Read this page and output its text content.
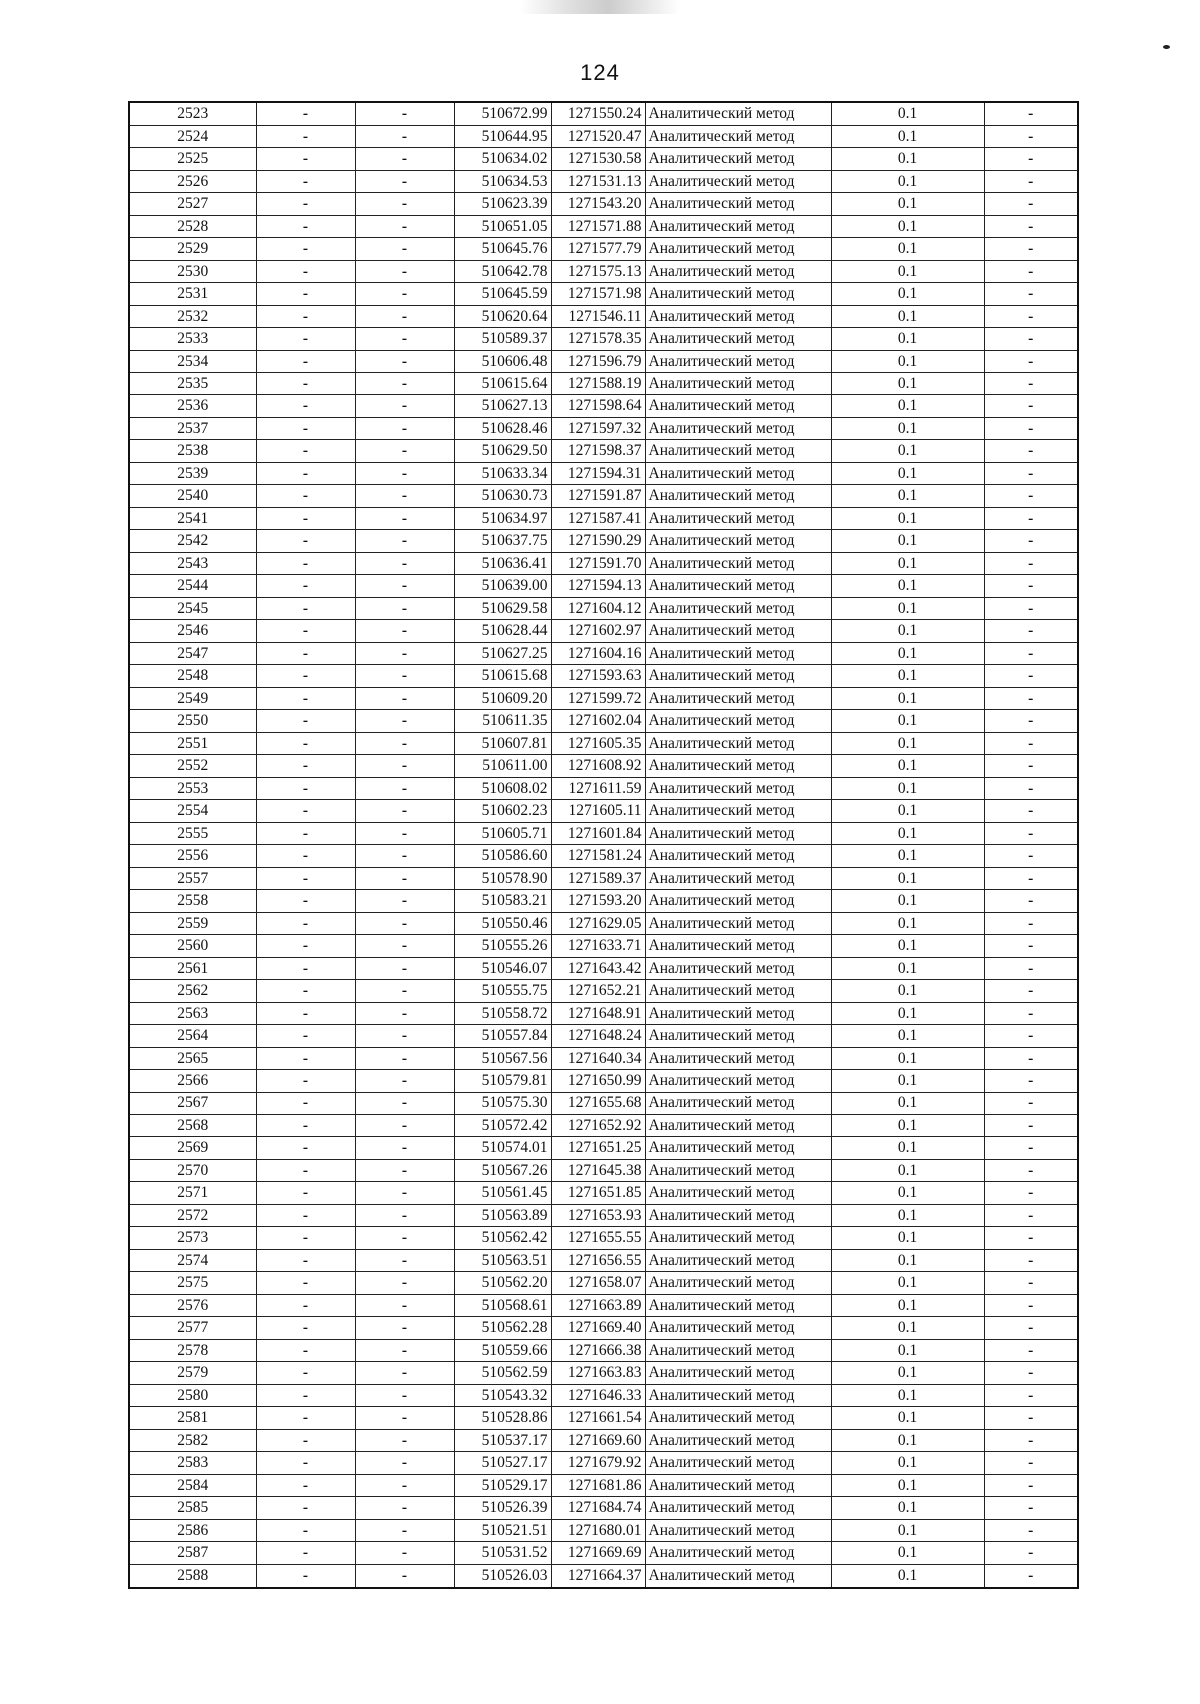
124
2523	-	-	510672.99	1271550.24	Аналитический метод	0.1	-
2524	-	-	510644.95	1271520.47	Аналитический метод	0.1	-
2525	-	-	510634.02	1271530.58	Аналитический метод	0.1	-
2526	-	-	510634.53	1271531.13	Аналитический метод	0.1	-
2527	-	-	510623.39	1271543.20	Аналитический метод	0.1	-
2528	-	-	510651.05	1271571.88	Аналитический метод	0.1	-
2529	-	-	510645.76	1271577.79	Аналитический метод	0.1	-
2530	-	-	510642.78	1271575.13	Аналитический метод	0.1	-
2531	-	-	510645.59	1271571.98	Аналитический метод	0.1	-
2532	-	-	510620.64	1271546.11	Аналитический метод	0.1	-
2533	-	-	510589.37	1271578.35	Аналитический метод	0.1	-
2534	-	-	510606.48	1271596.79	Аналитический метод	0.1	-
2535	-	-	510615.64	1271588.19	Аналитический метод	0.1	-
2536	-	-	510627.13	1271598.64	Аналитический метод	0.1	-
2537	-	-	510628.46	1271597.32	Аналитический метод	0.1	-
2538	-	-	510629.50	1271598.37	Аналитический метод	0.1	-
2539	-	-	510633.34	1271594.31	Аналитический метод	0.1	-
2540	-	-	510630.73	1271591.87	Аналитический метод	0.1	-
2541	-	-	510634.97	1271587.41	Аналитический метод	0.1	-
2542	-	-	510637.75	1271590.29	Аналитический метод	0.1	-
2543	-	-	510636.41	1271591.70	Аналитический метод	0.1	-
2544	-	-	510639.00	1271594.13	Аналитический метод	0.1	-
2545	-	-	510629.58	1271604.12	Аналитический метод	0.1	-
2546	-	-	510628.44	1271602.97	Аналитический метод	0.1	-
2547	-	-	510627.25	1271604.16	Аналитический метод	0.1	-
2548	-	-	510615.68	1271593.63	Аналитический метод	0.1	-
2549	-	-	510609.20	1271599.72	Аналитический метод	0.1	-
2550	-	-	510611.35	1271602.04	Аналитический метод	0.1	-
2551	-	-	510607.81	1271605.35	Аналитический метод	0.1	-
2552	-	-	510611.00	1271608.92	Аналитический метод	0.1	-
2553	-	-	510608.02	1271611.59	Аналитический метод	0.1	-
2554	-	-	510602.23	1271605.11	Аналитический метод	0.1	-
2555	-	-	510605.71	1271601.84	Аналитический метод	0.1	-
2556	-	-	510586.60	1271581.24	Аналитический метод	0.1	-
2557	-	-	510578.90	1271589.37	Аналитический метод	0.1	-
2558	-	-	510583.21	1271593.20	Аналитический метод	0.1	-
2559	-	-	510550.46	1271629.05	Аналитический метод	0.1	-
2560	-	-	510555.26	1271633.71	Аналитический метод	0.1	-
2561	-	-	510546.07	1271643.42	Аналитический метод	0.1	-
2562	-	-	510555.75	1271652.21	Аналитический метод	0.1	-
2563	-	-	510558.72	1271648.91	Аналитический метод	0.1	-
2564	-	-	510557.84	1271648.24	Аналитический метод	0.1	-
2565	-	-	510567.56	1271640.34	Аналитический метод	0.1	-
2566	-	-	510579.81	1271650.99	Аналитический метод	0.1	-
2567	-	-	510575.30	1271655.68	Аналитический метод	0.1	-
2568	-	-	510572.42	1271652.92	Аналитический метод	0.1	-
2569	-	-	510574.01	1271651.25	Аналитический метод	0.1	-
2570	-	-	510567.26	1271645.38	Аналитический метод	0.1	-
2571	-	-	510561.45	1271651.85	Аналитический метод	0.1	-
2572	-	-	510563.89	1271653.93	Аналитический метод	0.1	-
2573	-	-	510562.42	1271655.55	Аналитический метод	0.1	-
2574	-	-	510563.51	1271656.55	Аналитический метод	0.1	-
2575	-	-	510562.20	1271658.07	Аналитический метод	0.1	-
2576	-	-	510568.61	1271663.89	Аналитический метод	0.1	-
2577	-	-	510562.28	1271669.40	Аналитический метод	0.1	-
2578	-	-	510559.66	1271666.38	Аналитический метод	0.1	-
2579	-	-	510562.59	1271663.83	Аналитический метод	0.1	-
2580	-	-	510543.32	1271646.33	Аналитический метод	0.1	-
2581	-	-	510528.86	1271661.54	Аналитический метод	0.1	-
2582	-	-	510537.17	1271669.60	Аналитический метод	0.1	-
2583	-	-	510527.17	1271679.92	Аналитический метод	0.1	-
2584	-	-	510529.17	1271681.86	Аналитический метод	0.1	-
2585	-	-	510526.39	1271684.74	Аналитический метод	0.1	-
2586	-	-	510521.51	1271680.01	Аналитический метод	0.1	-
2587	-	-	510531.52	1271669.69	Аналитический метод	0.1	-
2588	-	-	510526.03	1271664.37	Аналитический метод	0.1	-
